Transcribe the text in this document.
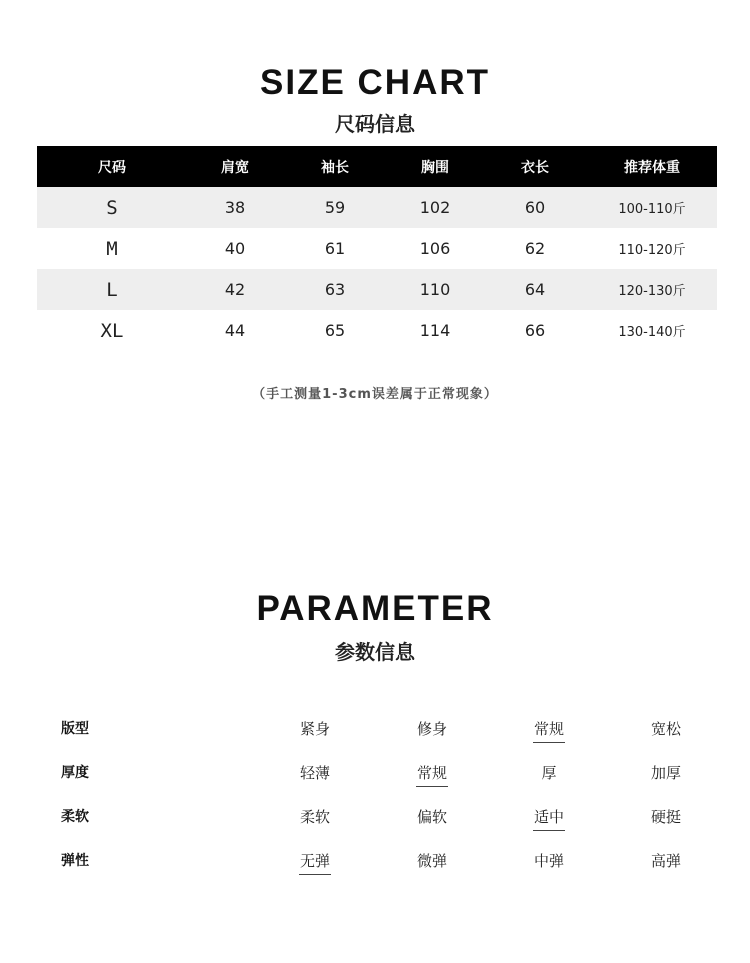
SIZE CHART
尺码信息
尺码	肩宽	袖长	胸围	衣长	推荐体重
S	38	59	102	60	100-110斤
M	40	61	106	62	110-120斤
L	42	63	110	64	120-130斤
XL	44	65	114	66	130-140斤
（手工测量1-3cm误差属于正常现象）
PARAMETER
参数信息
版型	紧身	修身	常规	宽松
厚度	轻薄	常规	厚	加厚
柔软	柔软	偏软	适中	硬挺
弹性	无弹	微弹	中弹	高弹
